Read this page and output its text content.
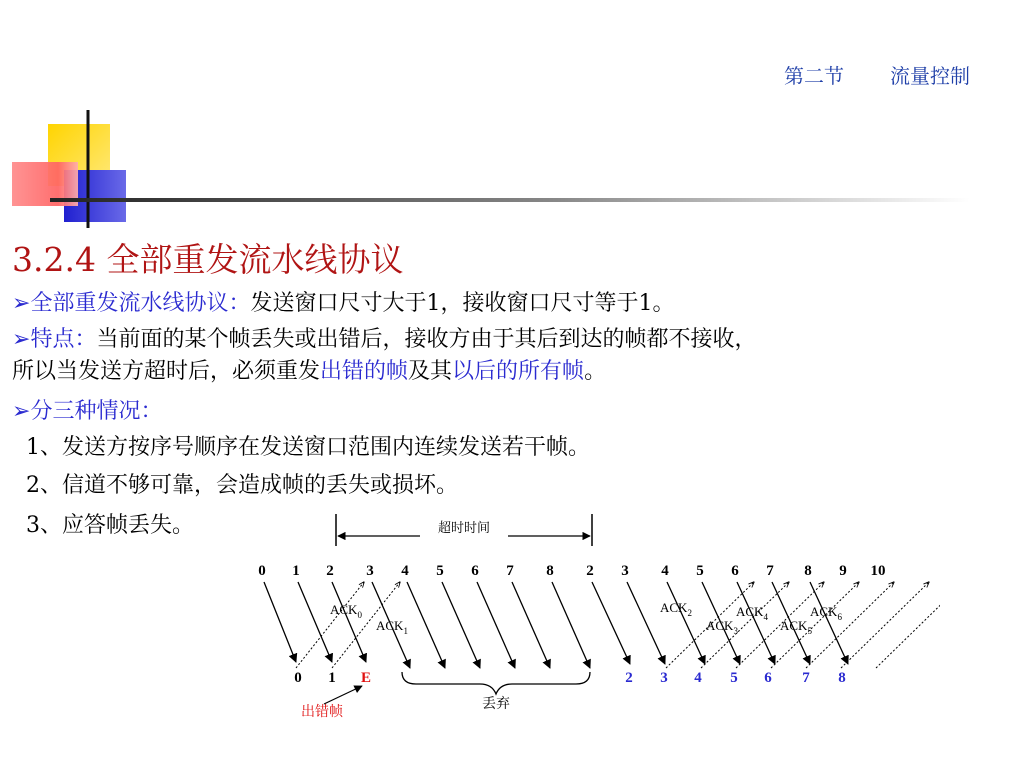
第二节 流量控制
3.2.4 全部重发流水线协议
➢全部重发流水线协议：发送窗口尺寸大于1，接收窗口尺寸等于1。
➢特点：当前面的某个帧丢失或出错后，接收方由于其后到达的帧都不接收，
所以当发送方超时后，必须重发出错的帧及其以后的所有帧。
➢分三种情况：
1、发送方按序号顺序在发送窗口范围内连续发送若干帧。
2、信道不够可靠，会造成帧的丢失或损坏。
3、应答帧丢失。	超时时间
0 1 2 3 4 5 6 7 8 2 3 4 5 6 7 8 9 10
$ACK_0$
$ACK_1$
$ACK_2$
$ACK_3$
$ACK_4$
$ACK_5$
$ACK_6$
0 1 E	2 3 4 5 6 7 8
丢弃
出错帧
